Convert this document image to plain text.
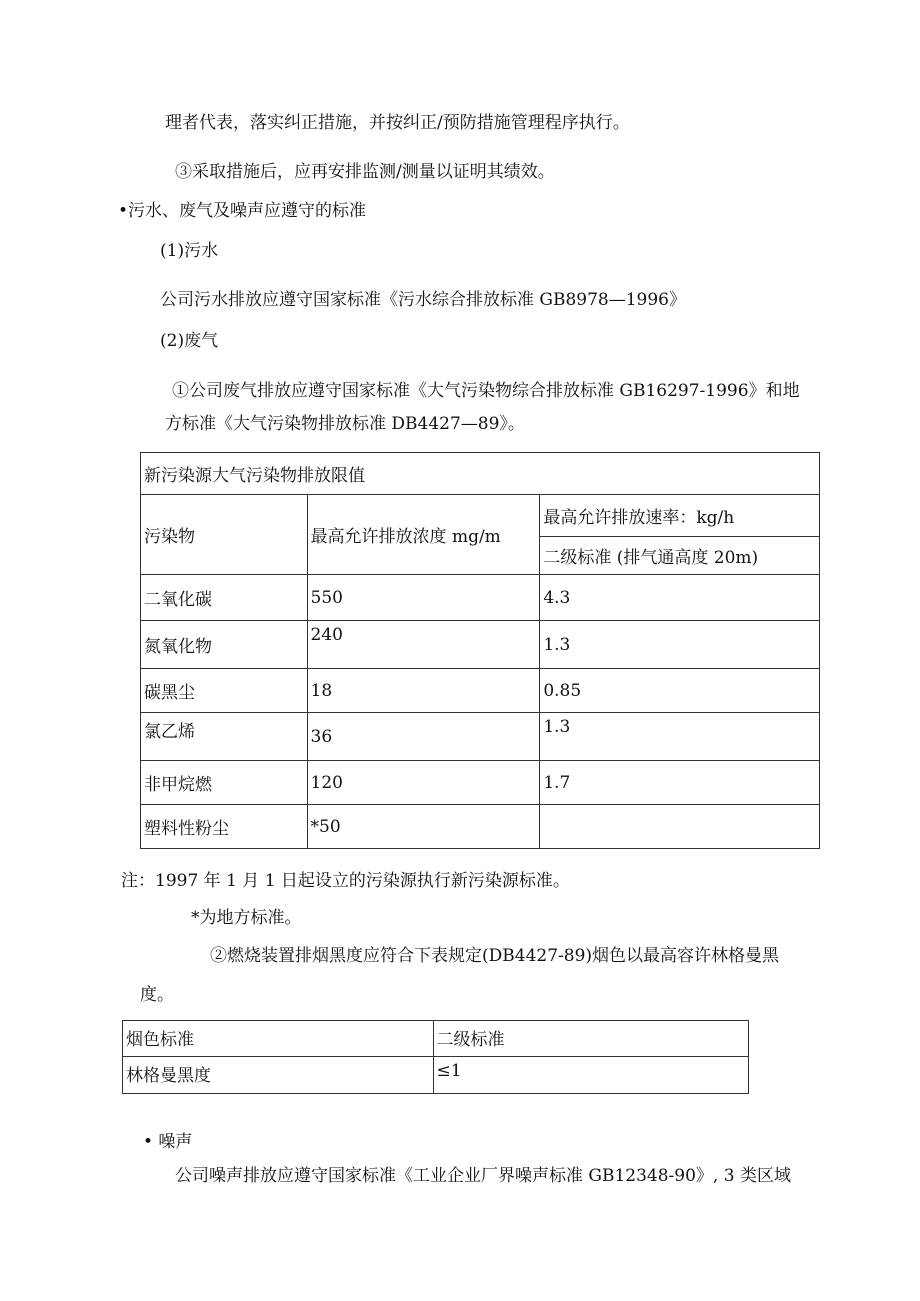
理者代表，落实纠正措施，并按纠正/预防措施管理程序执行。
③采取措施后，应再安排监测/测量以证明其绩效。
•污水、废气及噪声应遵守的标准
(1)污水
公司污水排放应遵守国家标准《污水综合排放标准 GB8978—1996》
(2)废气
①公司废气排放应遵守国家标准《大气污染物综合排放标准 GB16297-1996》和地
方标准《大气污染物排放标准 DB4427—89》。
新污染源大气污染物排放限值		
污染物	最高允许排放浓度 mg/m	最高允许排放速率：kg/h
		二级标准 (排气通高度 20m)
二氧化碳	550	4.3
氮氧化物	240	1.3
碳黑尘	18	0.85
氯乙烯	36	1.3
非甲烷燃	120	1.7
塑料性粉尘	*50	
注：1997 年 1 月 1 日起设立的污染源执行新污染源标准。
*为地方标准。
②燃烧装置排烟黑度应符合下表规定(DB4427-89)烟色以最高容许林格曼黑
度。
烟色标准	二级标准
林格曼黑度	≤1
• 噪声
公司噪声排放应遵守国家标准《工业企业厂界噪声标准 GB12348-90》, 3 类区域
